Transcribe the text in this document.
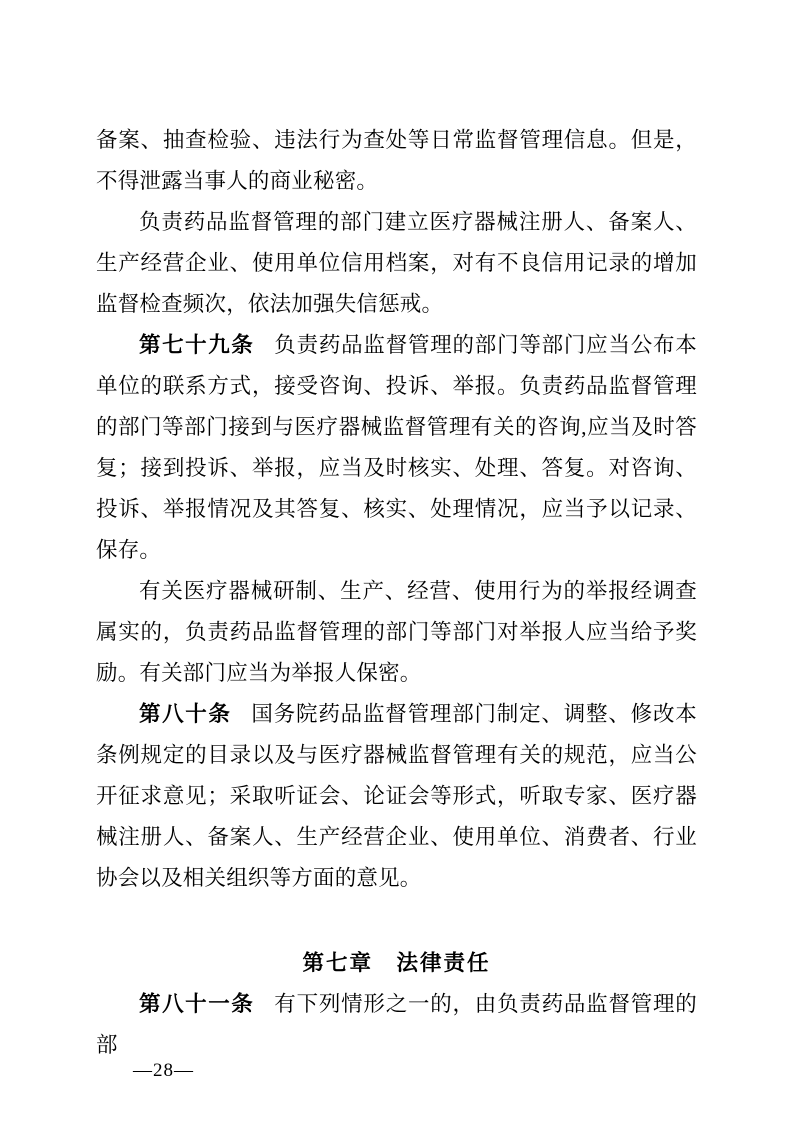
备案、抽查检验、违法行为查处等日常监督管理信息。但是，不得泄露当事人的商业秘密。

负责药品监督管理的部门建立医疗器械注册人、备案人、生产经营企业、使用单位信用档案，对有不良信用记录的增加监督检查频次，依法加强失信惩戒。

第七十九条 负责药品监督管理的部门等部门应当公布本单位的联系方式，接受咨询、投诉、举报。负责药品监督管理的部门等部门接到与医疗器械监督管理有关的咨询,应当及时答复；接到投诉、举报，应当及时核实、处理、答复。对咨询、投诉、举报情况及其答复、核实、处理情况，应当予以记录、保存。

有关医疗器械研制、生产、经营、使用行为的举报经调查属实的，负责药品监督管理的部门等部门对举报人应当给予奖励。有关部门应当为举报人保密。

第八十条 国务院药品监督管理部门制定、调整、修改本条例规定的目录以及与医疗器械监督管理有关的规范，应当公开征求意见；采取听证会、论证会等形式，听取专家、医疗器械注册人、备案人、生产经营企业、使用单位、消费者、行业协会以及相关组织等方面的意见。

第七章　法律责任

第八十一条 有下列情形之一的，由负责药品监督管理的部

—28—
